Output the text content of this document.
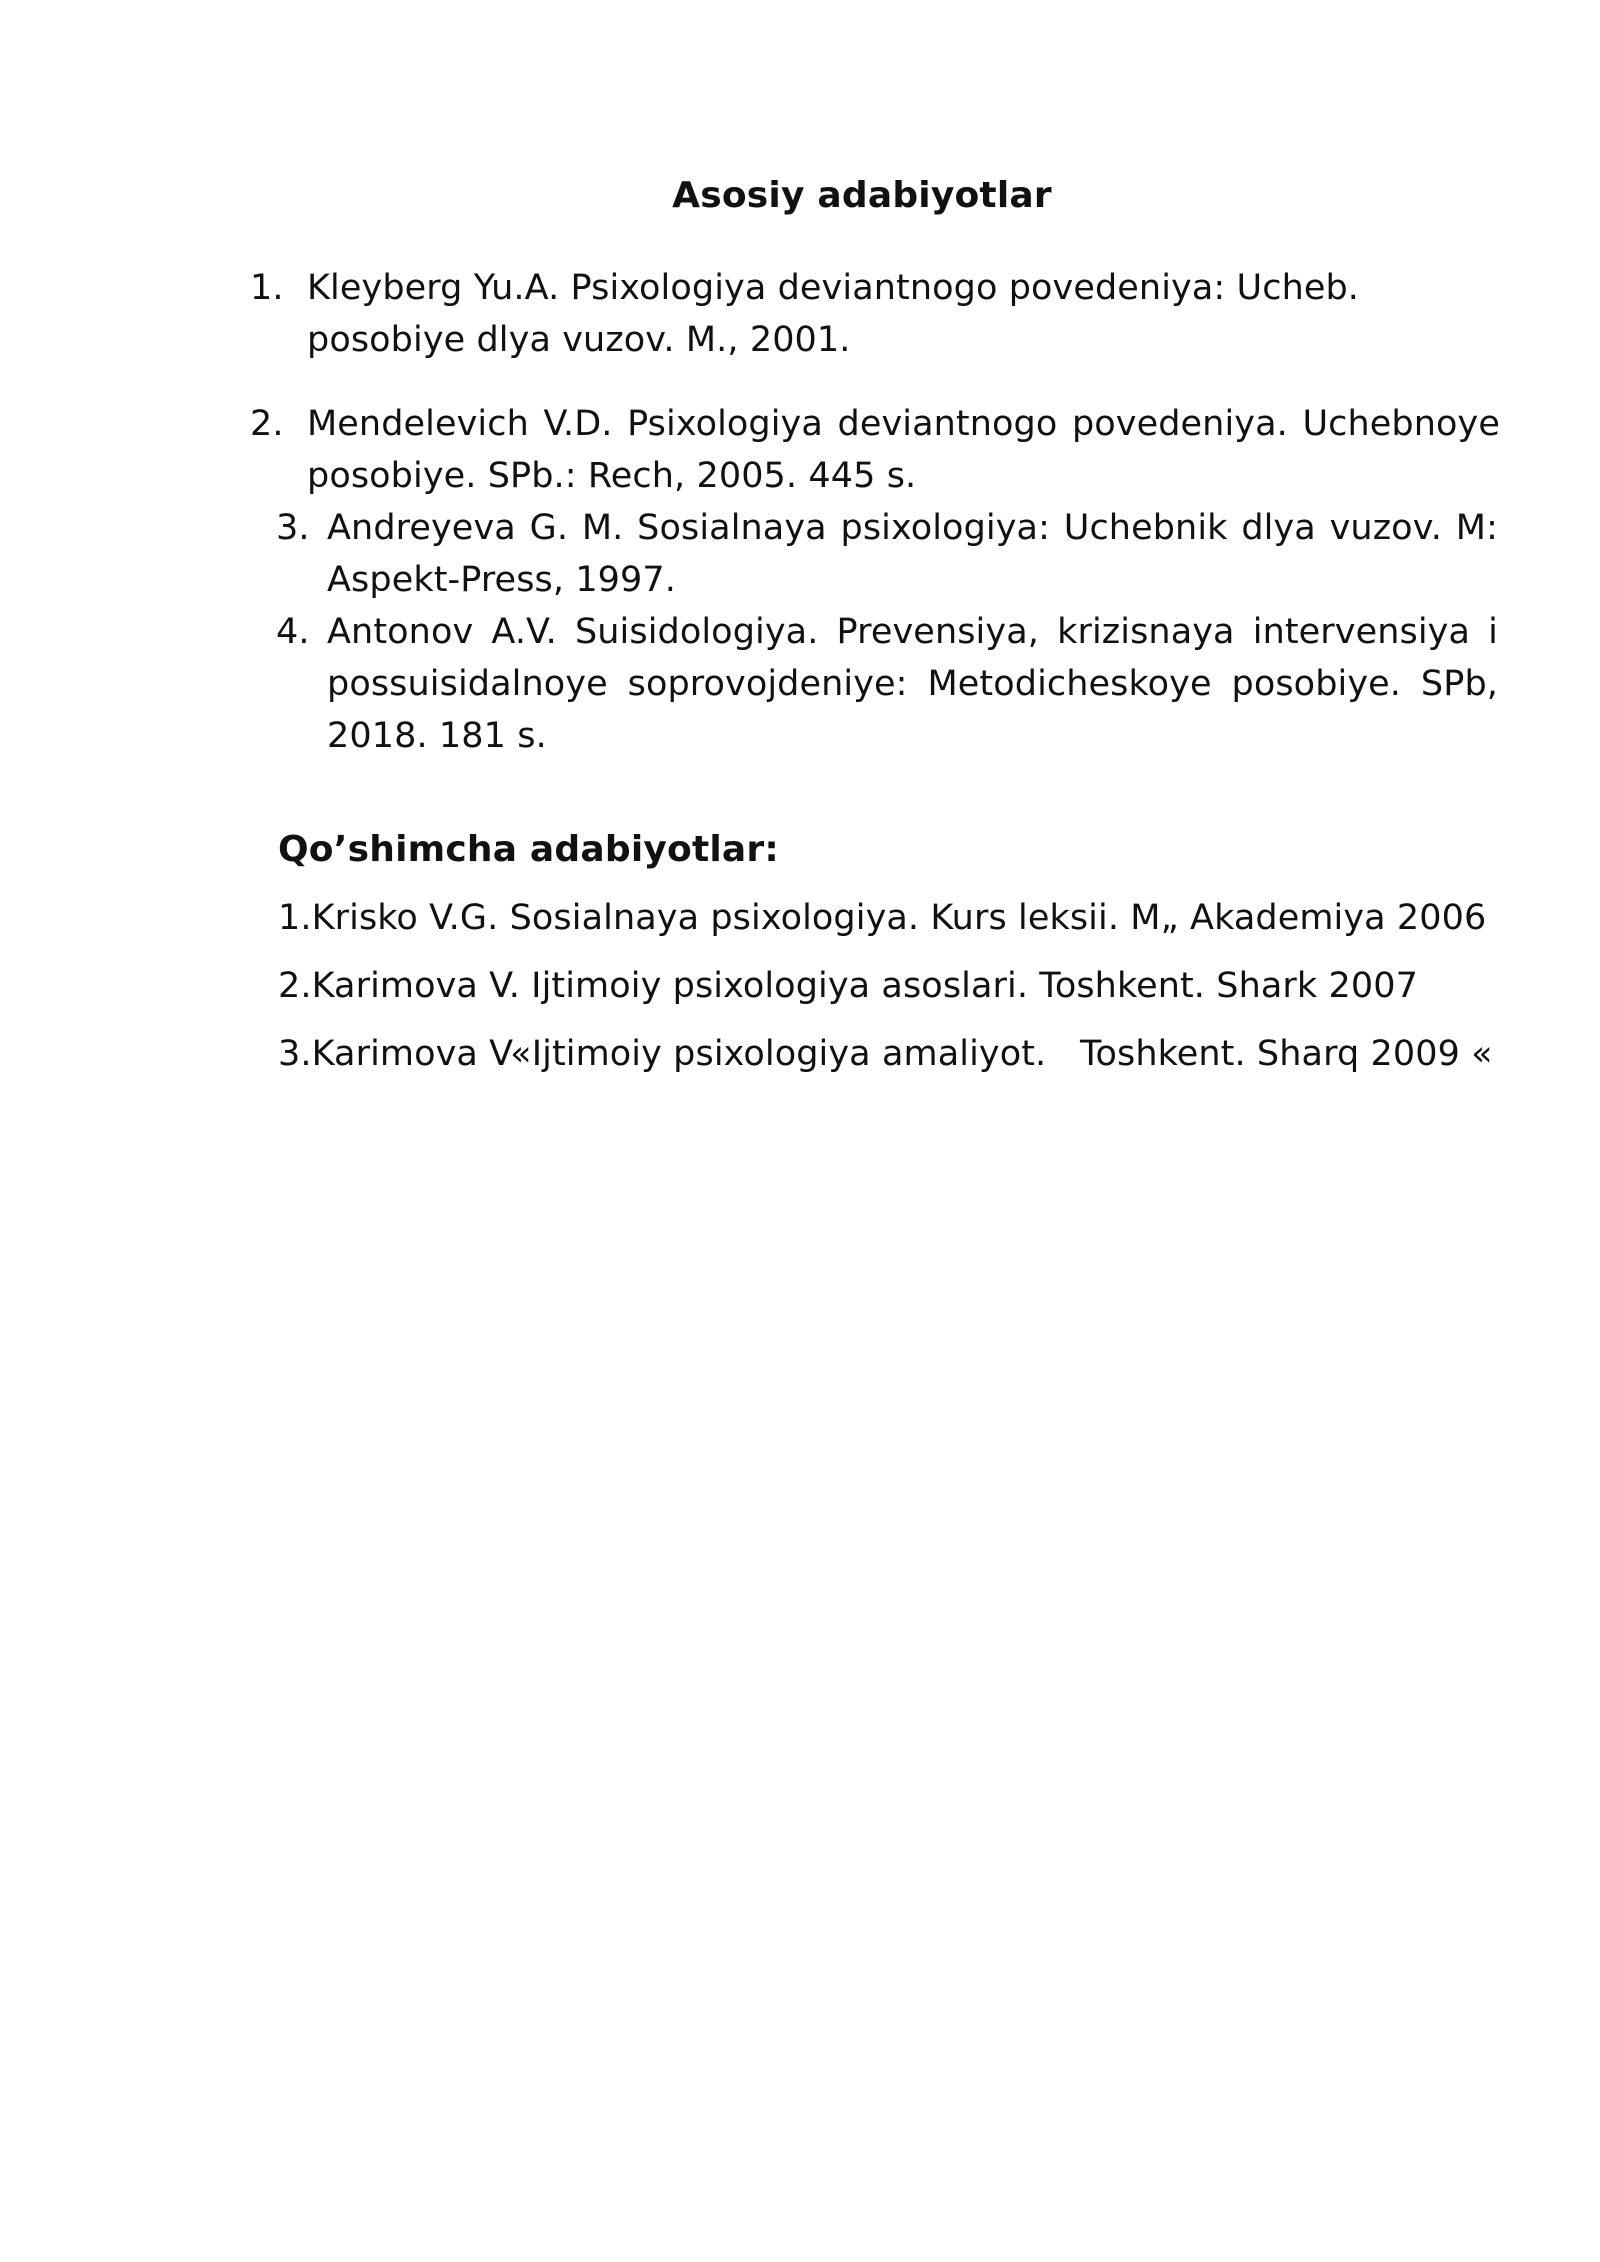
Asosiy adabiyotlar
1. Kleyberg Yu.A. Psixologiya deviantnogo povedeniya: Ucheb. posobiye dlya vuzov. M., 2001.
2. Mendelevich V.D. Psixologiya deviantnogo povedeniya. Uchebnoye posobiye. SPb.: Rech, 2005. 445 s.
3. Andreyeva G. M. Sosialnaya psixologiya: Uchebnik dlya vuzov. M: Aspekt-Press, 1997.
4. Antonov A.V. Suisidologiya. Prevensiya, krizisnaya intervensiya i possuisidalnoye soprovojdeniye: Metodicheskoye posobiye. SPb, 2018. 181 s.
Qo’shimcha adabiyotlar:
1.Krisko V.G. Sosialnaya psixologiya. Kurs leksii. M„ Akademiya 2006
2.Karimova V. Ijtimoiy psixologiya asoslari. Toshkent. Shark 2007
3.Karimova V«Ijtimoiy psixologiya amaliyot.   Toshkent. Sharq 2009 «
